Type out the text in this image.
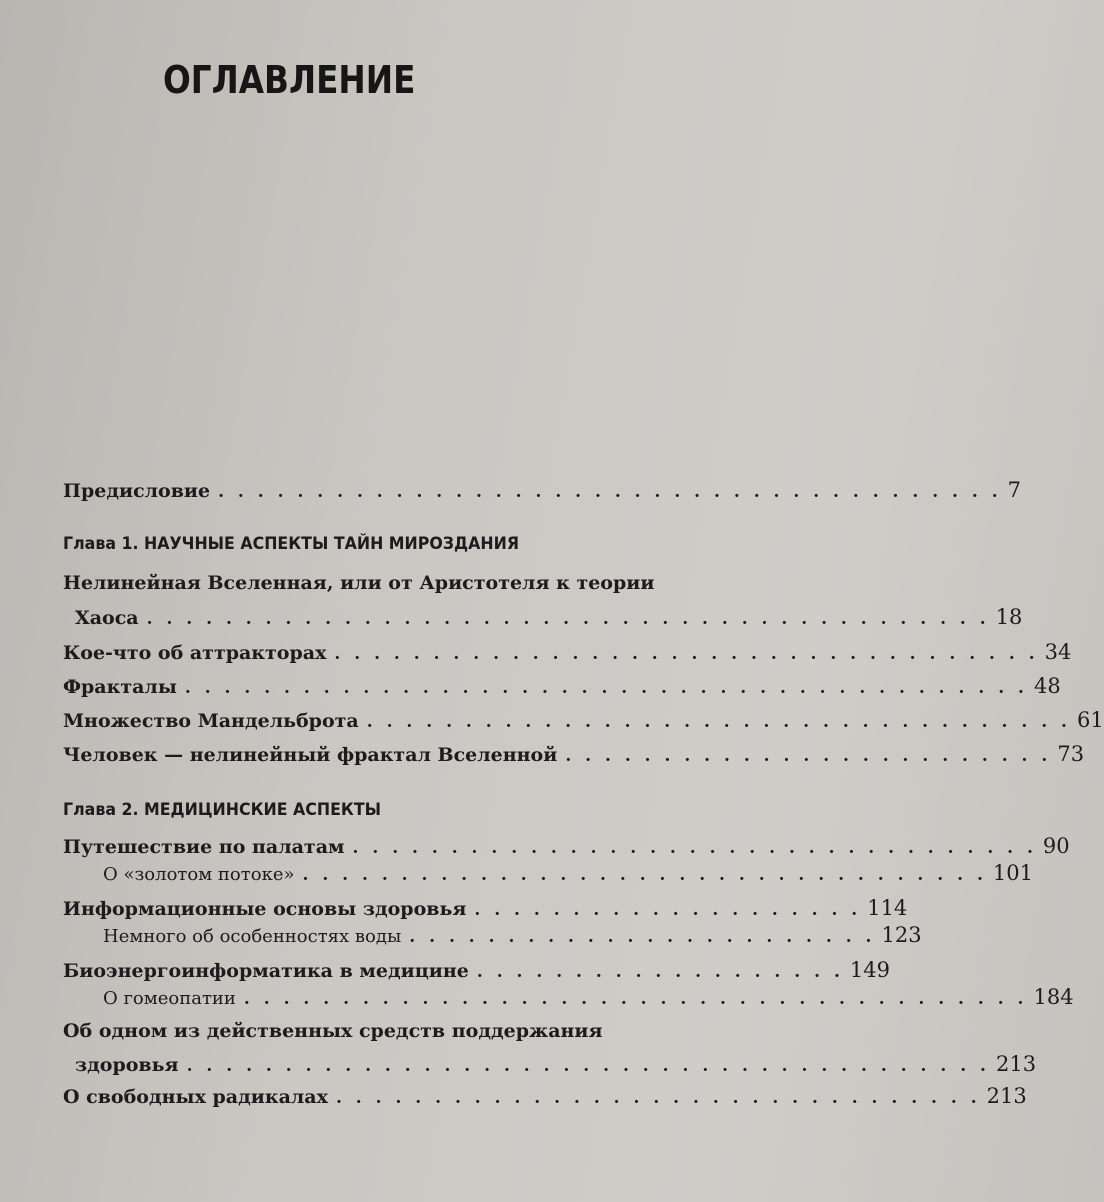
ОГЛАВЛЕНИЕ
Предисловие . . . . . . . . . . . . . . . . . . . . . . . . . . . . . . . . . . . . . . . . 7
Глава 1. НАУЧНЫЕ АСПЕКТЫ ТАЙН МИРОЗДАНИЯ
Нелинейная Вселенная, или от Аристотеля к теории
Хаоса . . . . . . . . . . . . . . . . . . . . . . . . . . . . . . . . . . . . . . . . . . . 18
Кое-что об аттракторах . . . . . . . . . . . . . . . . . . . . . . . . . . . . . . . . . . . . 34
Фракталы . . . . . . . . . . . . . . . . . . . . . . . . . . . . . . . . . . . . . . . . . . . 48
Множество Мандельброта . . . . . . . . . . . . . . . . . . . . . . . . . . . . . . . . . . . . 61
Человек — нелинейный фрактал Вселенной . . . . . . . . . . . . . . . . . . . . . . . . . 73
Глава 2. МЕДИЦИНСКИЕ АСПЕКТЫ
Путешествие по палатам . . . . . . . . . . . . . . . . . . . . . . . . . . . . . . . . . . . 90
О «золотом потоке» . . . . . . . . . . . . . . . . . . . . . . . . . . . . . . . . . . . 101
Информационные основы здоровья . . . . . . . . . . . . . . . . . . . . 114
Немного об особенностях воды . . . . . . . . . . . . . . . . . . . . . . . . 123
Биоэнергоинформатика в медицине . . . . . . . . . . . . . . . . . . . 149
О гомеопатии . . . . . . . . . . . . . . . . . . . . . . . . . . . . . . . . . . . . . . . . 184
Об одном из действенных средств поддержания
здоровья . . . . . . . . . . . . . . . . . . . . . . . . . . . . . . . . . . . . . . . . . 213
О свободных радикалах . . . . . . . . . . . . . . . . . . . . . . . . . . . . . . . . . 213
